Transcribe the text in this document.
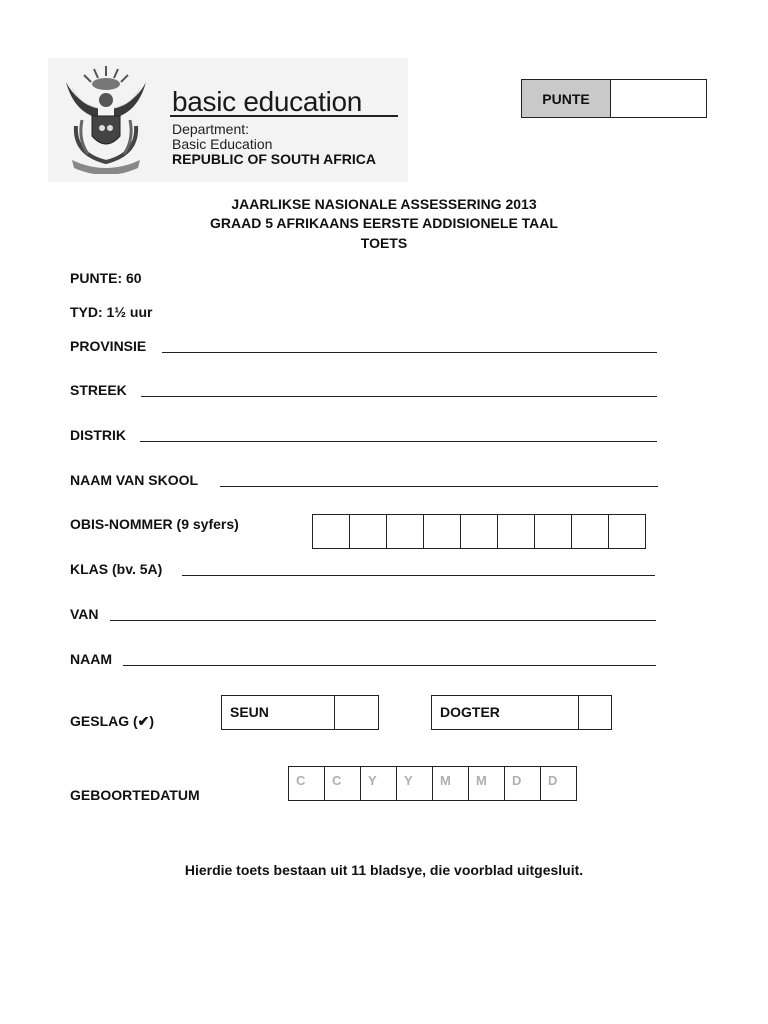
basic education
Department:
Basic Education
REPUBLIC OF SOUTH AFRICA
PUNTE
JAARLIKSE NASIONALE ASSESSERING 2013
GRAAD 5 AFRIKAANS EERSTE ADDISIONELE TAAL
TOETS
PUNTE: 60
TYD: 1½ uur
PROVINSIE
STREEK
DISTRIK
NAAM VAN SKOOL
OBIS-NOMMER (9 syfers)
KLAS (bv. 5A)
VAN
NAAM
GESLAG (✔)
SEUN	DOGTER
GEBOORTEDATUM
C	C	Y	Y	M	M	D	D
Hierdie toets bestaan uit 11 bladsye, die voorblad uitgesluit.
